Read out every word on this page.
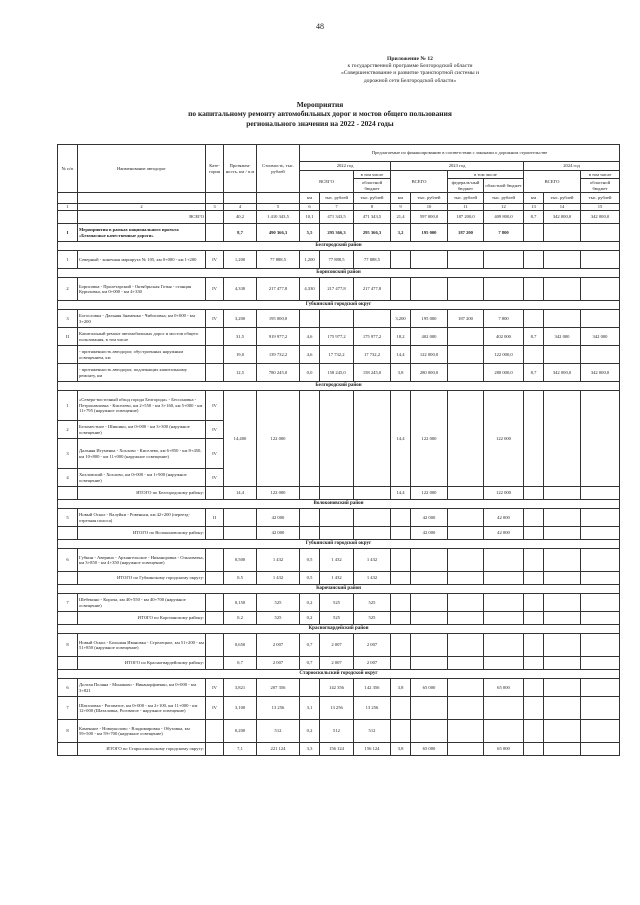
48
Приложение № 12
к государственной программе Белгородской области
«Совершенствование и развитие транспортной системы и
дорожной сети Белгородской области»
Мероприятия
по капитальному ремонту автомобильных дорог и мостов общего пользования
регионального значения на 2022 - 2024 годы
№ п/п	Наименование автодорог	Кате-гория	Протяжен-ность, км / п.м	Стоимость, тыс. рублей	Предлагаемые по финансированию в соответствии с законами о дорожном строительстве									
					2022 год			2023 год				2024 год		
					ВСЕГО		в том числе	ВСЕГО		в том числе		ВСЕГО		в том числе
							областной бюджет			федераль-ный бюджет	областной бюджет			областной бюджет
					км	тыс. рублей	тыс. рублей	км	тыс. рублей	тыс. рублей	тыс. рублей	км	тыс. рублей	тыс. рублей
1	2	3	4	5	6	7	8	9	10	11	12	13	14	15
	ВСЕГО		40,2	1 410 343,5	10,1	471 343,5	471 343,5	21,4	597 000,0	187 200,0	409 800,0	8,7	342 000,0	342 000,0
I	Мероприятия в рамках национального проекта «Безопасные качественные дороги»		8,7	490 366,3	5,5	295 366,3	295 366,3	3,2	195 000	187 200	7 800			
Белгородский район														
1	Северный - конечная маршрута № 105, км 0+000 - км 1+200	IV	1,200	77 888,5	1,200	77 888,5	77 888,5							
Борисовский район														
2	Борисовка - Пролетарский - Октябрьская Готня - станция Куриловка, км 0+000 - км 4+330	IV	4,330	217 477,8	4,330	217 477,8	217 477,8							
Губкинский городской округ														
3	Богословка - Дальняя Знаменка - Чибисовка, км 0+000 - км 3+200	IV	3,200	195 000,0				3,200	195 000	187 200	7 800			
II	Капитальный ремонт автомобильных дорог и мостов общего пользования, в том числе		31,5	919 977,2	4,6	175 977,2	175 977,2	18,2	402 000		402 000	8,7	342 000	342 000
	- протяженность автодорог, обустроенных наружным освещением, км		19,0	139 732,2	4,6	17 732,2	17 732,2	14,4	122 000,0		122 000,0			
	- протяженность автодорог, подлежащих капитальному ремонту, км		12,5	780 245,0	0,0	158 245,0	158 245,0	3,8	280 000,0		280 000,0	8,7	342 000,0	342 000,0
Белгородский район														
1	«Северо-восточный обход города Белгорода» - Бессоновка - Петропавловка - Киселево, км 2+550 - км 3+160, км 5+000 - км 11+795 (наружное освещение)	IV	14,400	122 000				14,4	122 000		122 000			
2	Беломестное - Шишино, км 0+000 - км 3+300 (наружное освещение)	IV												
3	Дальняя Игуменка - Хохлово - Киселево, км 6+850 - км 8+450, км 10+800 - км 11+000 (наружное освещение)	IV												
4	Хохловский - Хохлово, км 0+000 - км 1+900 (наружное освещение)	IV												
	ИТОГО по Белгородскому району:		14,4	122 000				14,4	122 000		122 000			
Волоконовский район														
5	Новый Оскол - Валуйки - Ровеньки, км 42+200 (переезд-отрезная полоса)	II		42 000					42 000		42 000			
	ИТОГО по Волоконовскому району:			42 000					42 000		42 000			
Губкинский городской округ														
6	Губкин - Аверино - Архангельское - Никаноровка - Ольховатка, км 3+850 - км 4+350 (наружное освещение)		0,500	1 432	0,5	1 432	1 432							
	ИТОГО по Губкинскому городскому округу:		0,5	1 432	0,5	1 432	1 432							
Корочанский район														
7	Шебекино - Короча, км 40+550 - км 40+700 (наружное освещение)		0,150	525	0,2	525	525							
	ИТОГО по Корочанскому району:		0,2	525	0,2	525	525							
Красногвардейский район														
8	Новый Оскол - Большая Ивановка - Стрелецкое, км 51+200 - км 51+850 (наружное освещение)		0,650	2 007	0,7	2 007	2 007							
	ИТОГО по Красногвардейскому району:		0,7	2 007	0,7	2 007	2 007							
Старооскольский городской округ														
6	Долгая Поляна - Монаково - Никанорфиенко, км 0+000 - км 3+821	IV	3,821	207 356		142 356	142 356	3,8	65 000		65 000			
7	Шаталовка - Роговатое, км 0+000 - км 2+100, км 11+000 - км 12+000 (Шаталовка, Роговатое - наружное освещение)	IV	3,100	13 256	3,1	13 256	13 256							
8	Каменное - Новоуколово - Владимировка - Обуховка, км 59+500 - км 59+700 (наружное освещение)		0,200	512	0,2	512	512							
	ИТОГО по Старооскольскому городскому округу:		7,1	221 124	3,3	156 124	156 124	3,8	65 000		65 000			
